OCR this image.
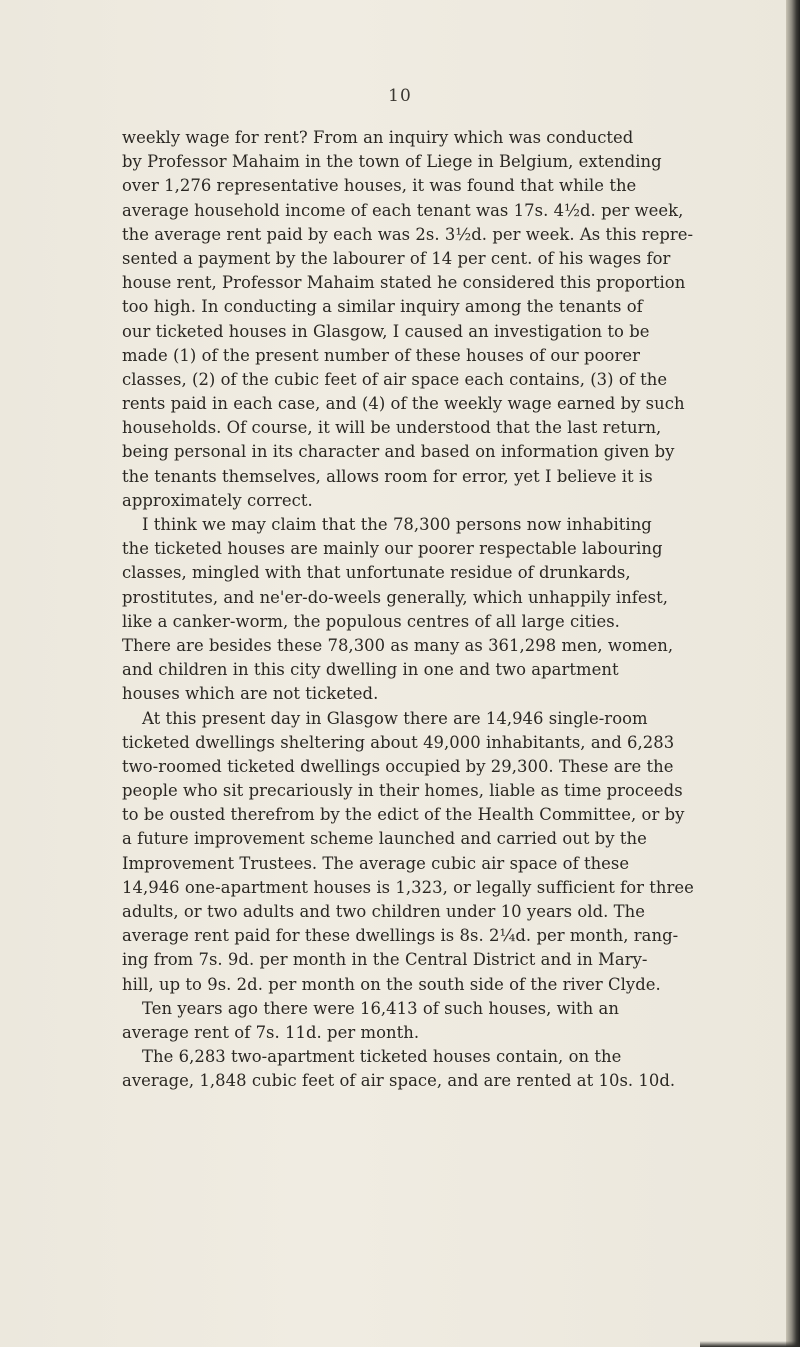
10
weekly wage for rent? From an inquiry which was conducted
by Professor Mahaim in the town of Liege in Belgium, extending
over 1,276 representative houses, it was found that while the
average household income of each tenant was 17s. 4½d. per week,
the average rent paid by each was 2s. 3½d. per week. As this repre-
sented a payment by the labourer of 14 per cent. of his wages for
house rent, Professor Mahaim stated he considered this proportion
too high. In conducting a similar inquiry among the tenants of
our ticketed houses in Glasgow, I caused an investigation to be
made (1) of the present number of these houses of our poorer
classes, (2) of the cubic feet of air space each contains, (3) of the
rents paid in each case, and (4) of the weekly wage earned by such
households. Of course, it will be understood that the last return,
being personal in its character and based on information given by
the tenants themselves, allows room for error, yet I believe it is
approximately correct.
I think we may claim that the 78,300 persons now inhabiting
the ticketed houses are mainly our poorer respectable labouring
classes, mingled with that unfortunate residue of drunkards,
prostitutes, and ne'er-do-weels generally, which unhappily infest,
like a canker-worm, the populous centres of all large cities.
There are besides these 78,300 as many as 361,298 men, women,
and children in this city dwelling in one and two apartment
houses which are not ticketed.
At this present day in Glasgow there are 14,946 single-room
ticketed dwellings sheltering about 49,000 inhabitants, and 6,283
two-roomed ticketed dwellings occupied by 29,300. These are the
people who sit precariously in their homes, liable as time proceeds
to be ousted therefrom by the edict of the Health Committee, or by
a future improvement scheme launched and carried out by the
Improvement Trustees. The average cubic air space of these
14,946 one-apartment houses is 1,323, or legally sufficient for three
adults, or two adults and two children under 10 years old. The
average rent paid for these dwellings is 8s. 2¼d. per month, rang-
ing from 7s. 9d. per month in the Central District and in Mary-
hill, up to 9s. 2d. per month on the south side of the river Clyde.
Ten years ago there were 16,413 of such houses, with an
average rent of 7s. 11d. per month.
The 6,283 two-apartment ticketed houses contain, on the
average, 1,848 cubic feet of air space, and are rented at 10s. 10d.
